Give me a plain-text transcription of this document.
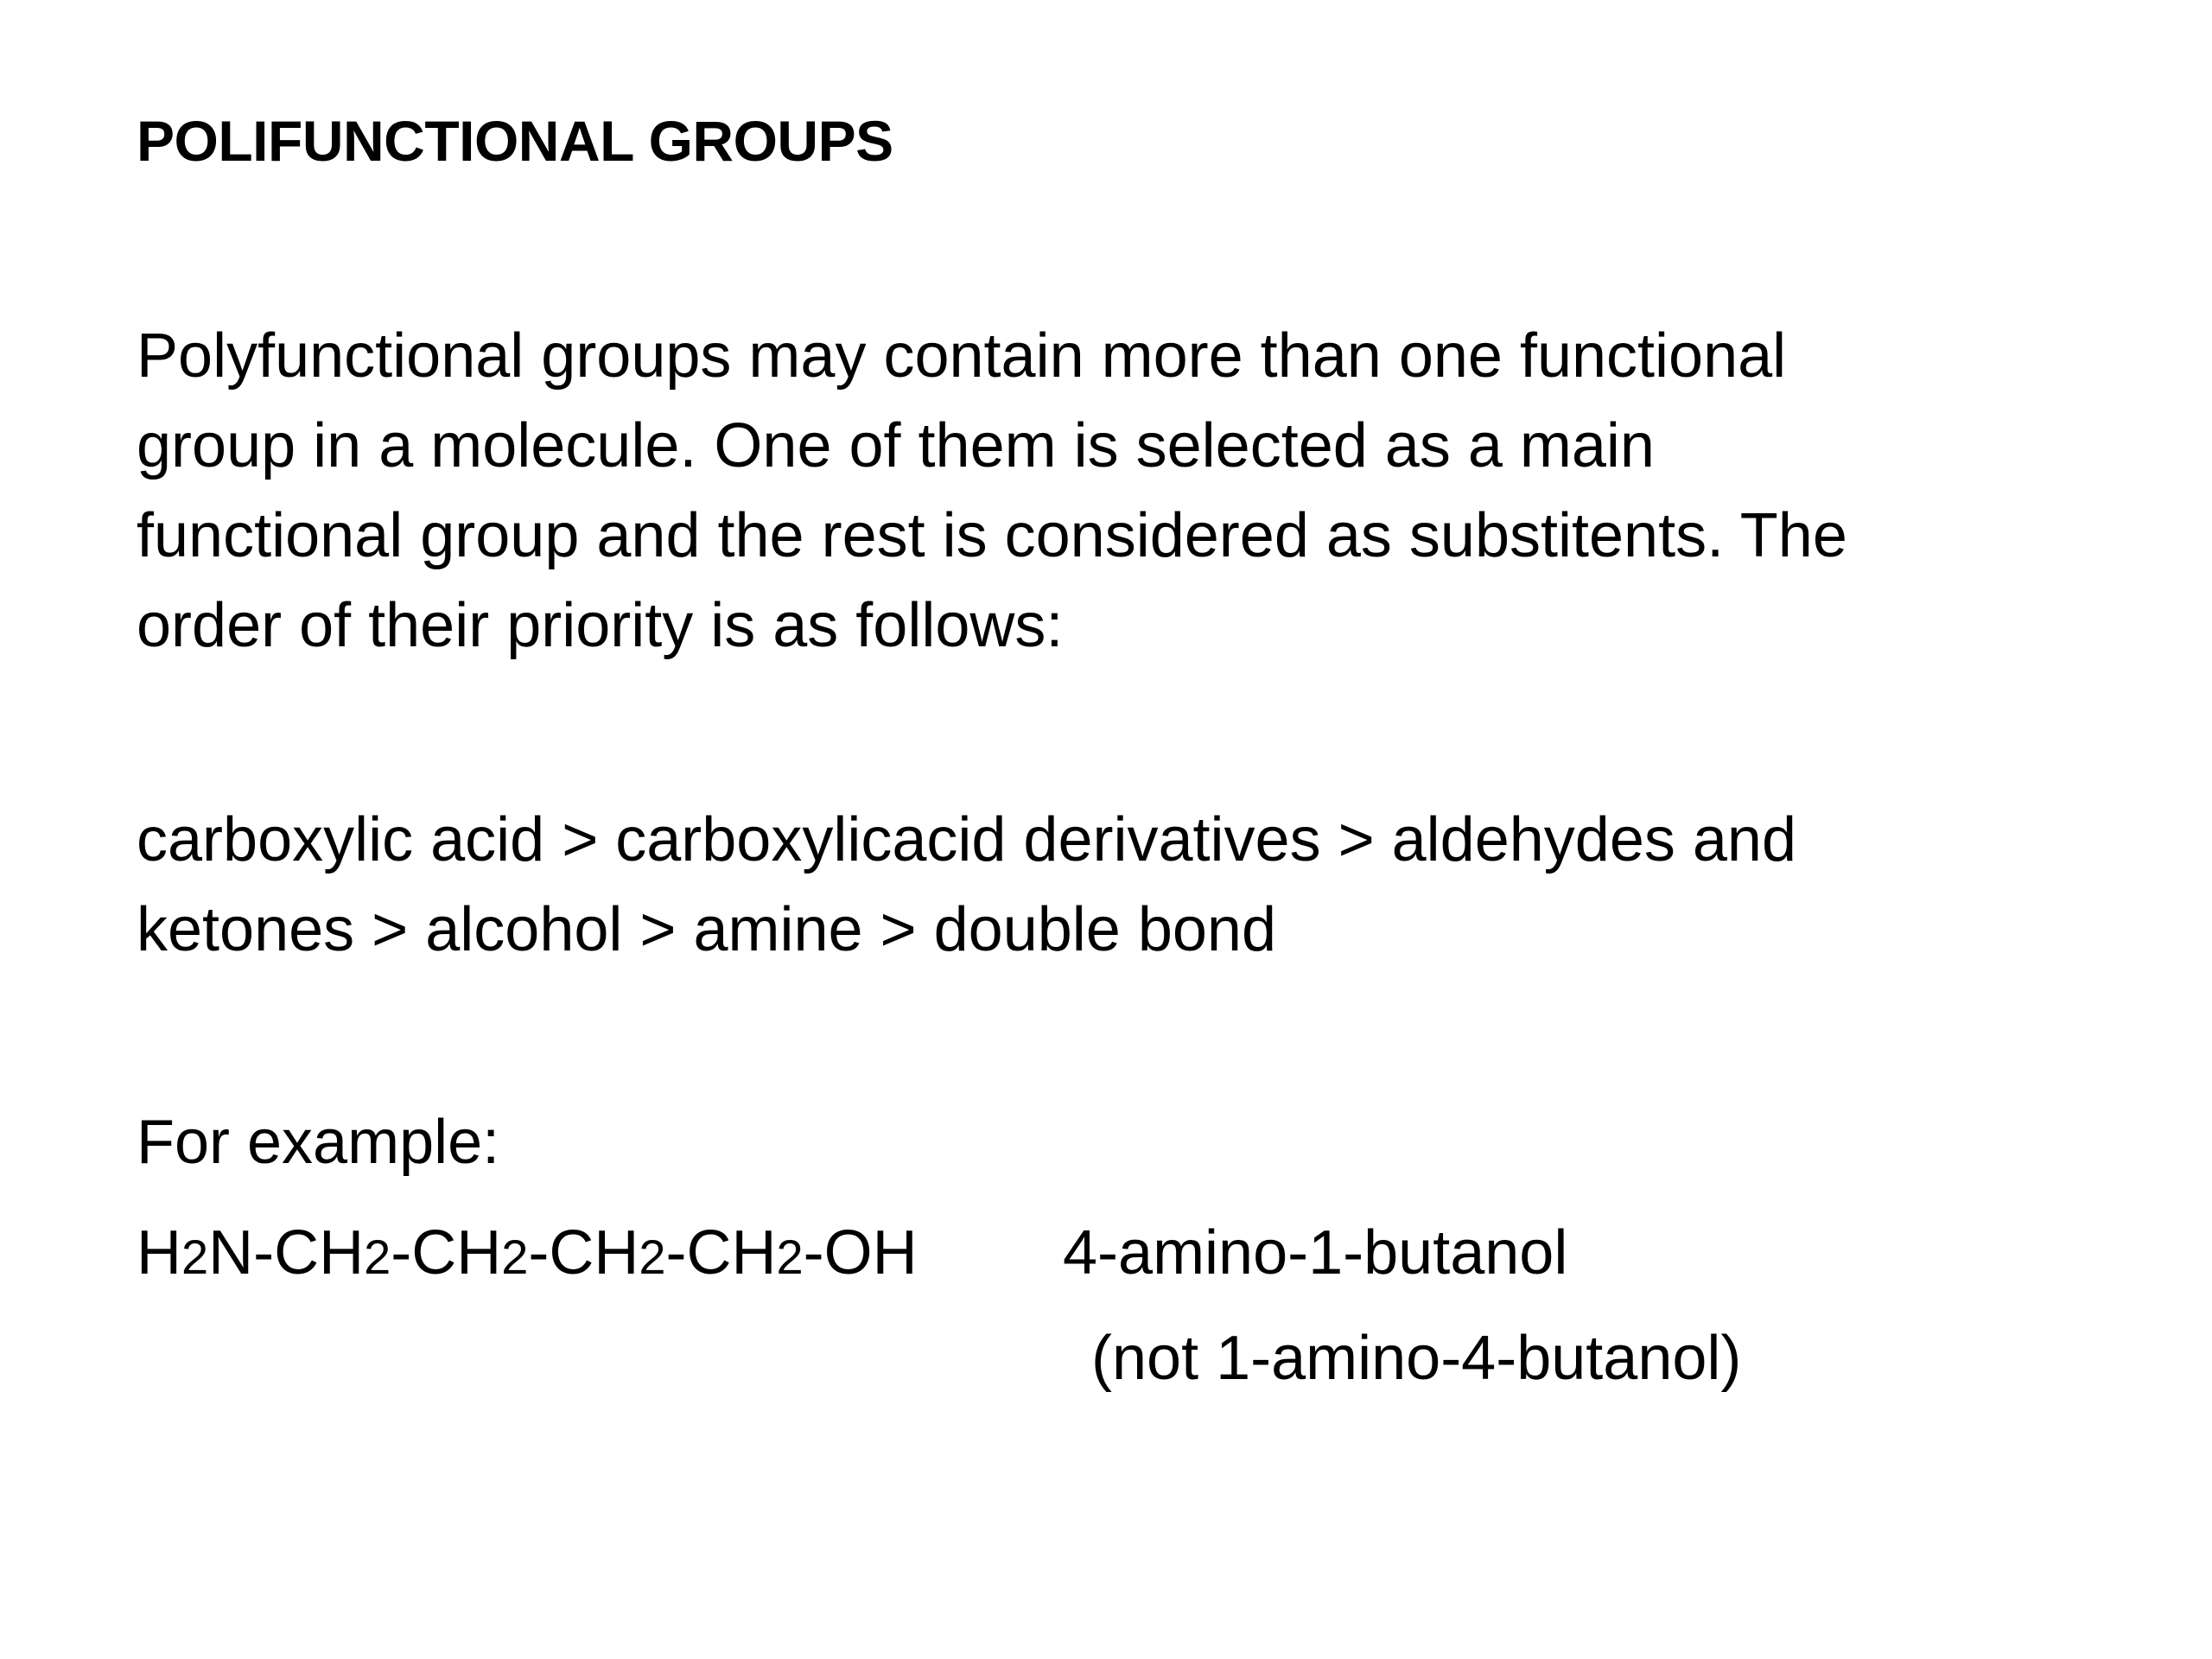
POLIFUNCTIONAL GROUPS
Polyfunctional groups may contain more than one functional
group in a molecule. One of them is selected as a main
functional group and the rest is considered as substitents. The
order of their priority is as follows:
carboxylic acid > carboxylicacid derivatives > aldehydes and
ketones > alcohol > amine > double bond
For example:
H2N-CH2-CH2-CH2-CH2-OH 4-amino-1-butanol
(not 1-amino-4-butanol)
